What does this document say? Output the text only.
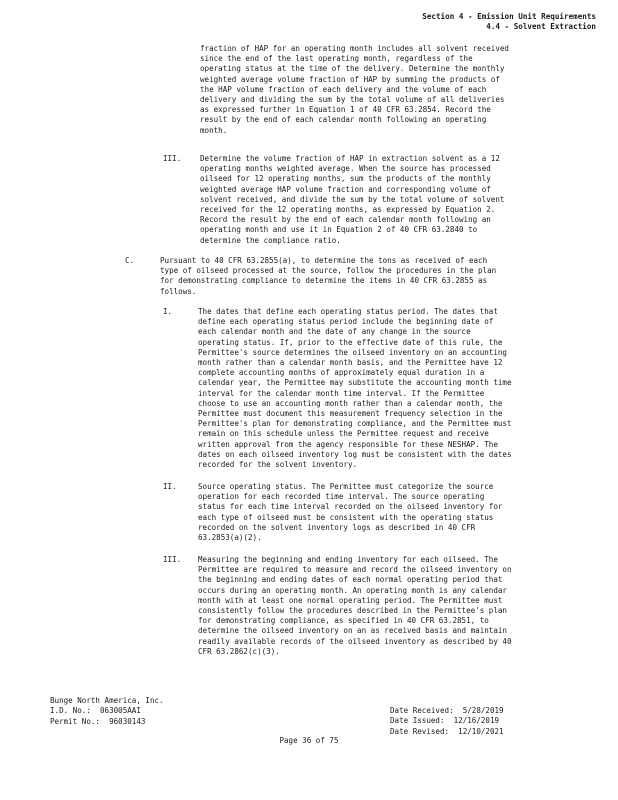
Section 4 - Emission Unit Requirements
4.4 - Solvent Extraction

fraction of HAP for an operating month includes all solvent received

since the end of the last operating month, regardless of the

operating status at the time of the delivery. Determine the monthly

weighted average volume fraction of HAP by summing the products of

the HAP volume fraction of each delivery and the volume of each

delivery and dividing the sum by the total volume of all deliveries

as expressed further in Equation 1 of 40 CFR 63.2854. Record the

result by the end of each calendar month following an operating

month.

III. Determine the volume fraction of HAP in extraction solvent as a 12

operating months weighted average. When the source has processed

oilseed for 12 operating months, sum the products of the monthly

weighted average HAP volume fraction and corresponding volume of

solvent received, and divide the sum by the total volume of solvent

received for the 12 operating months, as expressed by Equation 2.

Record the result by the end of each calendar month following an

operating month and use it in Equation 2 of 40 CFR 63.2840 to

determine the compliance ratio.

C.	Pursuant to 40 CFR 63.2855(a), to determine the tons as received of each

type of oilseed processed at the source, follow the procedures in the plan

for demonstrating compliance to determine the items in 40 CFR 63.2855 as

follows.

I.	The dates that define each operating status period. The dates that

define each operating status period include the beginning date of

each calendar month and the date of any change in the source

operating status. If, prior to the effective date of this rule, the

Permittee's source determines the oilseed inventory on an accounting

month rather than a calendar month basis, and the Permittee have 12

complete accounting months of approximately equal duration in a

calendar year, the Permittee may substitute the accounting month time

interval for the calendar month time interval. If the Permittee

choose to use an accounting month rather than a calendar month, the

Permittee must document this measurement frequency selection in the

Permittee's plan for demonstrating compliance, and the Permittee must

remain on this schedule unless the Permittee request and receive

written approval from the agency responsible for these NESHAP. The

dates on each oilseed inventory log must be consistent with the dates

recorded for the solvent inventory.

II.	Source operating status. The Permittee must categorize the source

operation for each recorded time interval. The source operating

status for each time interval recorded on the oilseed inventory for

each type of oilseed must be consistent with the operating status

recorded on the solvent inventory logs as described in 40 CFR

63.2853(a)(2).

III. Measuring the beginning and ending inventory for each oilseed. The

Permittee are required to measure and record the oilseed inventory on

the beginning and ending dates of each normal operating period that

occurs during an operating month. An operating month is any calendar

month with at least one normal operating period. The Permittee must

consistently follow the procedures described in the Permittee's plan

for demonstrating compliance, as specified in 40 CFR 63.2851, to

determine the oilseed inventory on an as received basis and maintain

readily available records of the oilseed inventory as described by 40

CFR 63.2862(c)(3).

Bunge North America, Inc.
I.D. No.:  063005AAI
Permit No.:  96030143
Date Received:  5/28/2019
Date Issued:  12/16/2019
Date Revised:  12/10/2021
Page 36 of 75
